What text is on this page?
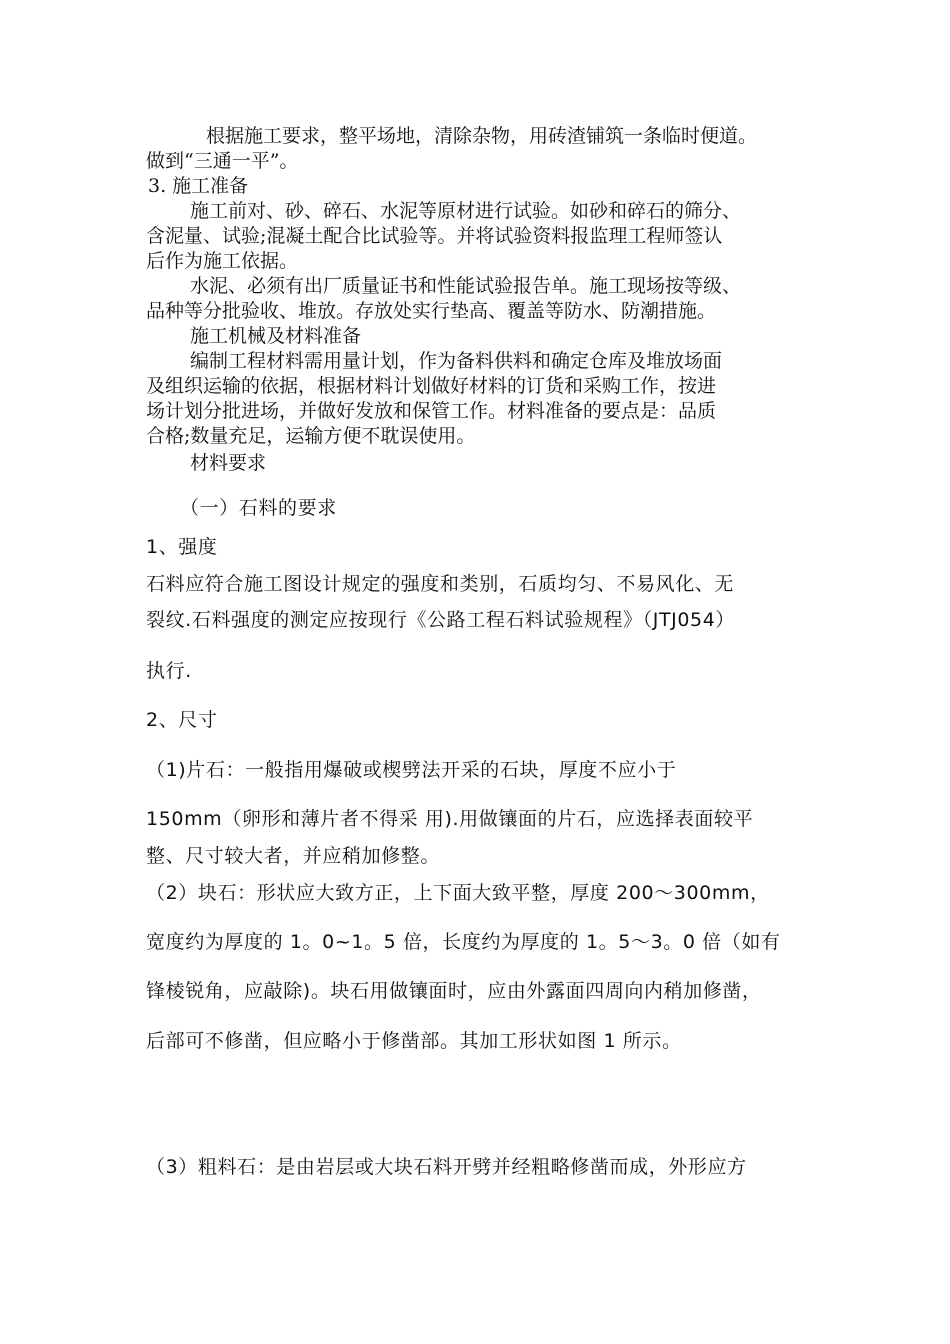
根据施工要求，整平场地，清除杂物，用砖渣铺筑一条临时便道。

做到“三通一平”。

3. 施工准备

施工前对、砂、碎石、水泥等原材进行试验。如砂和碎石的筛分、

含泥量、试验;混凝土配合比试验等。并将试验资料报监理工程师签认

后作为施工依据。

水泥、必须有出厂质量证书和性能试验报告单。施工现场按等级、

品种等分批验收、堆放。存放处实行垫高、覆盖等防水、防潮措施。

施工机械及材料准备

编制工程材料需用量计划，作为备料供料和确定仓库及堆放场面

及组织运输的依据，根据材料计划做好材料的订货和采购工作，按进

场计划分批进场，并做好发放和保管工作。材料准备的要点是：品质

合格;数量充足，运输方便不耽误使用。

材料要求

（一）石料的要求

1、强度

石料应符合施工图设计规定的强度和类别，石质均匀、不易风化、无

裂纹.石料强度的测定应按现行《公路工程石料试验规程》（JTJ054）

执行.

2、尺寸

（1)片石：一般指用爆破或楔劈法开采的石块，厚度不应小于

150mm（卵形和薄片者不得采 用).用做镶面的片石，应选择表面较平

整、尺寸较大者，并应稍加修整。

（2）块石：形状应大致方正，上下面大致平整，厚度 200～300mm，

宽度约为厚度的 1。0~1。5 倍，长度约为厚度的 1。5～3。0 倍（如有

锋棱锐角，应敲除)。块石用做镶面时，应由外露面四周向内稍加修凿，

后部可不修凿，但应略小于修凿部。其加工形状如图 1 所示。

（3）粗料石：是由岩层或大块石料开劈并经粗略修凿而成，外形应方
